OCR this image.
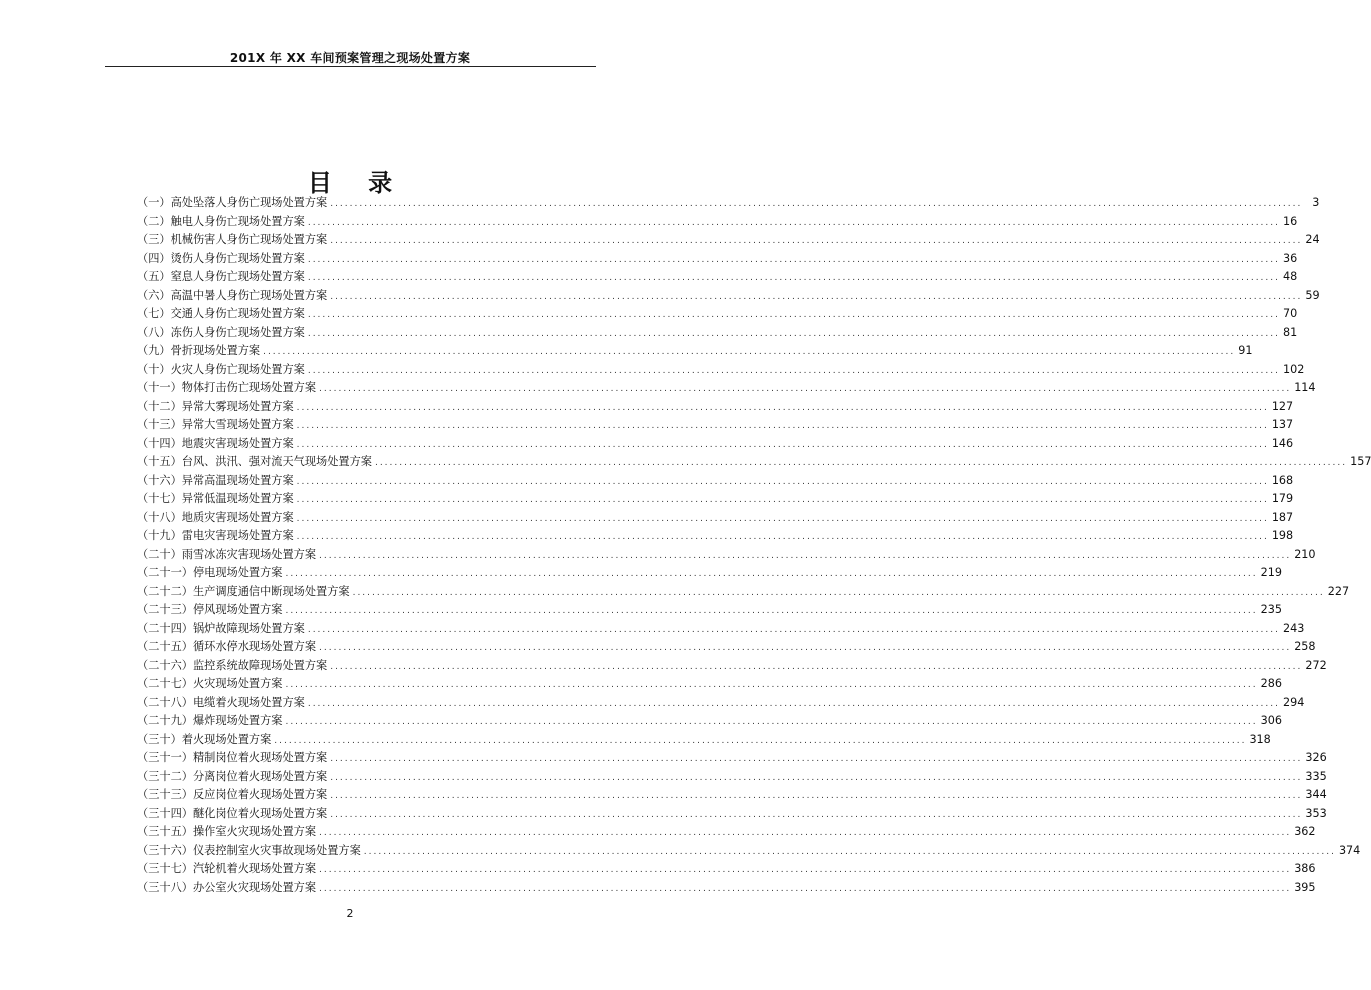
201X 年 XX 车间预案管理之现场处置方案
目 录
（一）高处坠落人身伤亡现场处置方案 ........................................................................................................................................................................................................ 3
（二）触电人身伤亡现场处置方案 ........................................................................................................................................................................................................ 16
（三）机械伤害人身伤亡现场处置方案 ........................................................................................................................................................................................................ 24
（四）烫伤人身伤亡现场处置方案 ........................................................................................................................................................................................................ 36
（五）窒息人身伤亡现场处置方案 ........................................................................................................................................................................................................ 48
（六）高温中暑人身伤亡现场处置方案 ........................................................................................................................................................................................................ 59
（七）交通人身伤亡现场处置方案 ........................................................................................................................................................................................................ 70
（八）冻伤人身伤亡现场处置方案 ........................................................................................................................................................................................................ 81
（九）骨折现场处置方案 ........................................................................................................................................................................................................ 91
（十）火灾人身伤亡现场处置方案 ........................................................................................................................................................................................................ 102
（十一）物体打击伤亡现场处置方案 ........................................................................................................................................................................................................ 114
（十二）异常大雾现场处置方案 ........................................................................................................................................................................................................ 127
（十三）异常大雪现场处置方案 ........................................................................................................................................................................................................ 137
（十四）地震灾害现场处置方案 ........................................................................................................................................................................................................ 146
（十五）台风、洪汛、强对流天气现场处置方案 ........................................................................................................................................................................................................ 157
（十六）异常高温现场处置方案 ........................................................................................................................................................................................................ 168
（十七）异常低温现场处置方案 ........................................................................................................................................................................................................ 179
（十八）地质灾害现场处置方案 ........................................................................................................................................................................................................ 187
（十九）雷电灾害现场处置方案 ........................................................................................................................................................................................................ 198
（二十）雨雪冰冻灾害现场处置方案 ........................................................................................................................................................................................................ 210
（二十一）停电现场处置方案 ........................................................................................................................................................................................................ 219
（二十二）生产调度通信中断现场处置方案 ........................................................................................................................................................................................................ 227
（二十三）停风现场处置方案 ........................................................................................................................................................................................................ 235
（二十四）锅炉故障现场处置方案 ........................................................................................................................................................................................................ 243
（二十五）循环水停水现场处置方案 ........................................................................................................................................................................................................ 258
（二十六）监控系统故障现场处置方案 ........................................................................................................................................................................................................ 272
（二十七）火灾现场处置方案 ........................................................................................................................................................................................................ 286
（二十八）电缆着火现场处置方案 ........................................................................................................................................................................................................ 294
（二十九）爆炸现场处置方案 ........................................................................................................................................................................................................ 306
（三十）着火现场处置方案 ........................................................................................................................................................................................................ 318
（三十一）精制岗位着火现场处置方案 ........................................................................................................................................................................................................ 326
（三十二）分离岗位着火现场处置方案 ........................................................................................................................................................................................................ 335
（三十三）反应岗位着火现场处置方案 ........................................................................................................................................................................................................ 344
（三十四）醚化岗位着火现场处置方案 ........................................................................................................................................................................................................ 353
（三十五）操作室火灾现场处置方案 ........................................................................................................................................................................................................ 362
（三十六）仪表控制室火灾事故现场处置方案 ........................................................................................................................................................................................................ 374
（三十七）汽轮机着火现场处置方案 ........................................................................................................................................................................................................ 386
（三十八）办公室火灾现场处置方案 ........................................................................................................................................................................................................ 395
2
